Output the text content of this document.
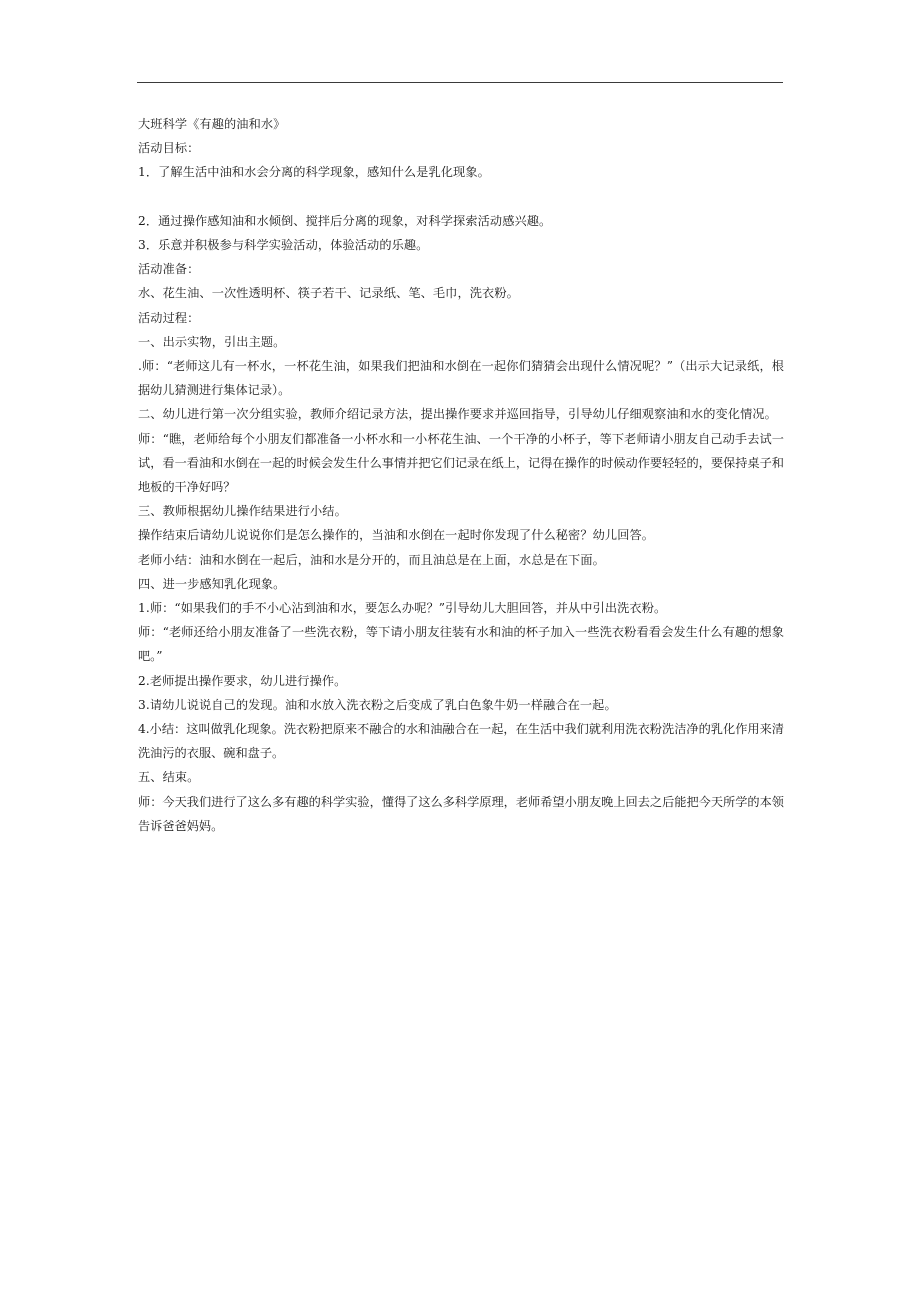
大班科学《有趣的油和水》
活动目标：
1．了解生活中油和水会分离的科学现象，感知什么是乳化现象。
2．通过操作感知油和水倾倒、搅拌后分离的现象，对科学探索活动感兴趣。
3．乐意并积极参与科学实验活动，体验活动的乐趣。
活动准备：
水、花生油、一次性透明杯、筷子若干、记录纸、笔、毛巾，洗衣粉。
活动过程：
一、出示实物，引出主题。
.师：“老师这儿有一杯水，一杯花生油，如果我们把油和水倒在一起你们猜猜会出现什么情况呢？”（出示大记录纸，根据幼儿猜测进行集体记录）。
二、幼儿进行第一次分组实验，教师介绍记录方法，提出操作要求并巡回指导，引导幼儿仔细观察油和水的变化情况。
师：“瞧，老师给每个小朋友们都准备一小杯水和一小杯花生油、一个干净的小杯子，等下老师请小朋友自己动手去试一试，看一看油和水倒在一起的时候会发生什么事情并把它们记录在纸上，记得在操作的时候动作要轻轻的，要保持桌子和地板的干净好吗？
三、教师根据幼儿操作结果进行小结。
操作结束后请幼儿说说你们是怎么操作的，当油和水倒在一起时你发现了什么秘密？幼儿回答。
老师小结：油和水倒在一起后，油和水是分开的，而且油总是在上面，水总是在下面。
四、进一步感知乳化现象。
1.师：“如果我们的手不小心沾到油和水，要怎么办呢？”引导幼儿大胆回答，并从中引出洗衣粉。
师：“老师还给小朋友准备了一些洗衣粉，等下请小朋友往装有水和油的杯子加入一些洗衣粉看看会发生什么有趣的想象吧。”
2.老师提出操作要求，幼儿进行操作。
3.请幼儿说说自己的发现。油和水放入洗衣粉之后变成了乳白色象牛奶一样融合在一起。
4.小结：这叫做乳化现象。洗衣粉把原来不融合的水和油融合在一起，在生活中我们就利用洗衣粉洗洁净的乳化作用来清洗油污的衣服、碗和盘子。
五、结束。
师：今天我们进行了这么多有趣的科学实验，懂得了这么多科学原理，老师希望小朋友晚上回去之后能把今天所学的本领告诉爸爸妈妈。
